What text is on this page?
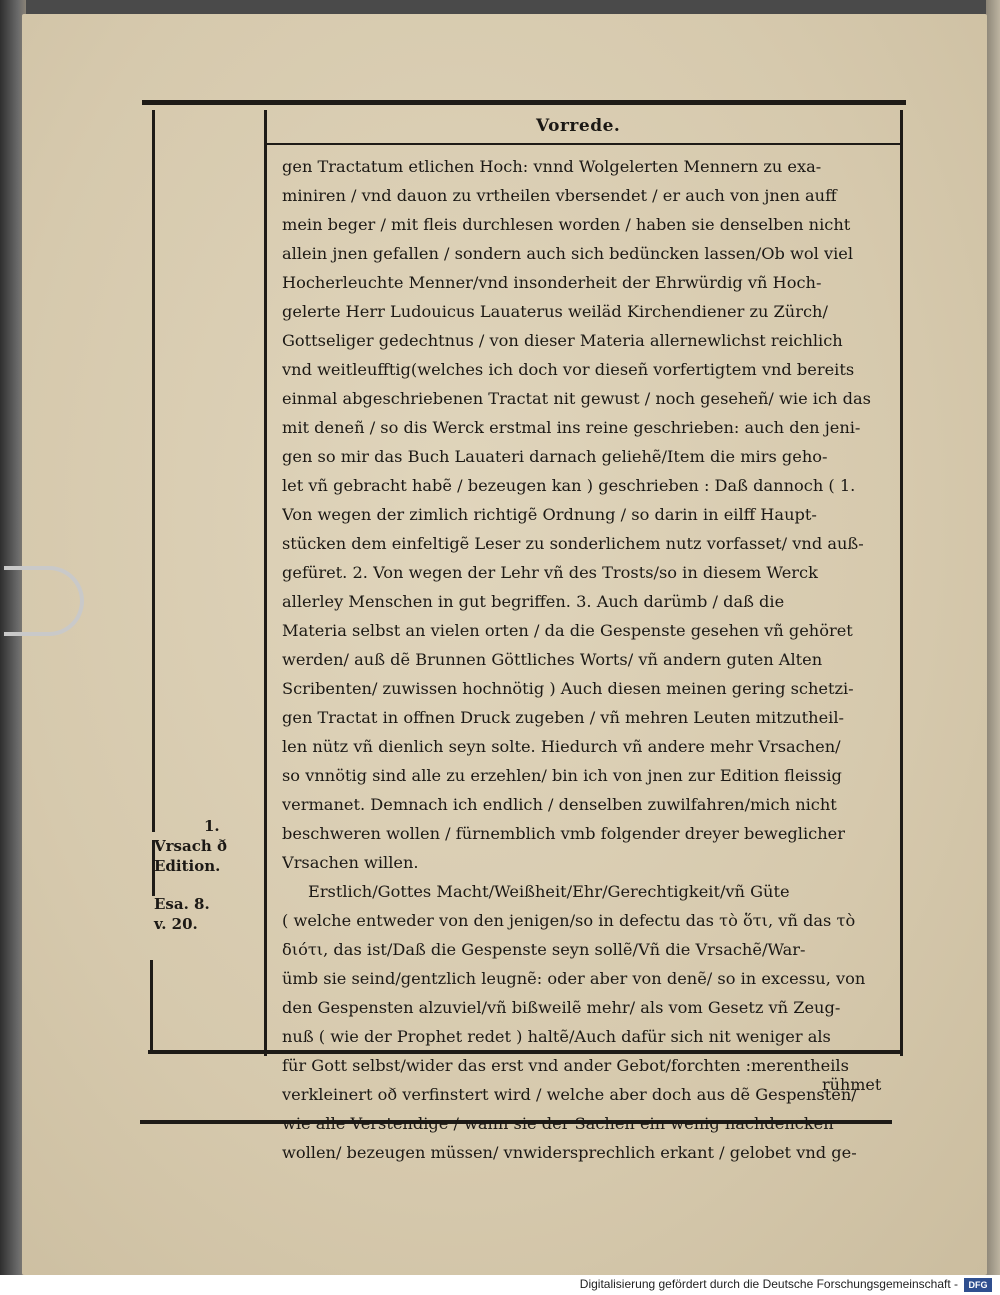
Vorrede.
gen Tractatum etlichen Hoch: vnnd Wolgelerten Mennern zu exa-
miniren / vnd dauon zu vrtheilen vbersendet / er auch von jnen auff
mein beger / mit fleis durchlesen worden / haben sie denselben nicht
allein jnen gefallen / sondern auch sich bedüncken lassen/Ob wol viel
Hocherleuchte Menner/vnd insonderheit der Ehrwürdig vñ Hoch-
gelerte Herr Ludouicus Lauaterus weiläd Kirchendiener zu Zürch/
Gottseliger gedechtnus / von dieser Materia allernewlichst reichlich
vnd weitleufftig(welches ich doch vor dieseñ vorfertigtem vnd bereits
einmal abgeschriebenen Tractat nit gewust / noch geseheñ/ wie ich das
mit deneñ / so dis Werck erstmal ins reine geschrieben: auch den jeni-
gen so mir das Buch Lauateri darnach geliehẽ/Item die mirs geho-
let vñ gebracht habẽ / bezeugen kan ) geschrieben : Daß dannoch ( 1.
Von wegen der zimlich richtigẽ Ordnung / so darin in eilff Haupt-
stücken dem einfeltigẽ Leser zu sonderlichem nutz vorfasset/ vnd auß-
gefüret. 2. Von wegen der Lehr vñ des Trosts/so in diesem Werck
allerley Menschen in gut begriffen. 3. Auch darümb / daß die
Materia selbst an vielen orten / da die Gespenste gesehen vñ gehöret
werden/ auß dẽ Brunnen Göttliches Worts/ vñ andern guten Alten
Scribenten/ zuwissen hochnötig ) Auch diesen meinen gering schetzi-
gen Tractat in offnen Druck zugeben / vñ mehren Leuten mitzutheil-
len nütz vñ dienlich seyn solte. Hiedurch vñ andere mehr Vrsachen/
so vnnötig sind alle zu erzehlen/ bin ich von jnen zur Edition fleissig
vermanet. Demnach ich endlich / denselben zuwilfahren/mich nicht
beschweren wollen / fürnemblich vmb folgender dreyer beweglicher
Vrsachen willen.
Erstlich/Gottes Macht/Weißheit/Ehr/Gerechtigkeit/vñ Güte
( welche entweder von den jenigen/so in defectu das τὸ ὅτι, vñ das τὸ
διότι, das ist/Daß die Gespenste seyn sollẽ/Vñ die Vrsachẽ/War-
ümb sie seind/gentzlich leugnẽ: oder aber von denẽ/ so in excessu, von
den Gespensten alzuviel/vñ bißweilẽ mehr/ als vom Gesetz vñ Zeug-
nuß ( wie der Prophet redet ) haltẽ/Auch dafür sich nit weniger als
für Gott selbst/wider das erst vnd ander Gebot/forchten :merentheils
verkleinert oð verfinstert wird / welche aber doch aus dẽ Gespensten/
wie alle Verstendige / wann sie der Sachen ein wenig nachdencken
wollen/ bezeugen müssen/ vnwidersprechlich erkant / gelobet vnd ge-
1.
Vrsach ð
Edition.
Esa. 8.
v. 20.
rühmet
Digitalisierung gefördert durch die Deutsche Forschungsgemeinschaft -	DFG
